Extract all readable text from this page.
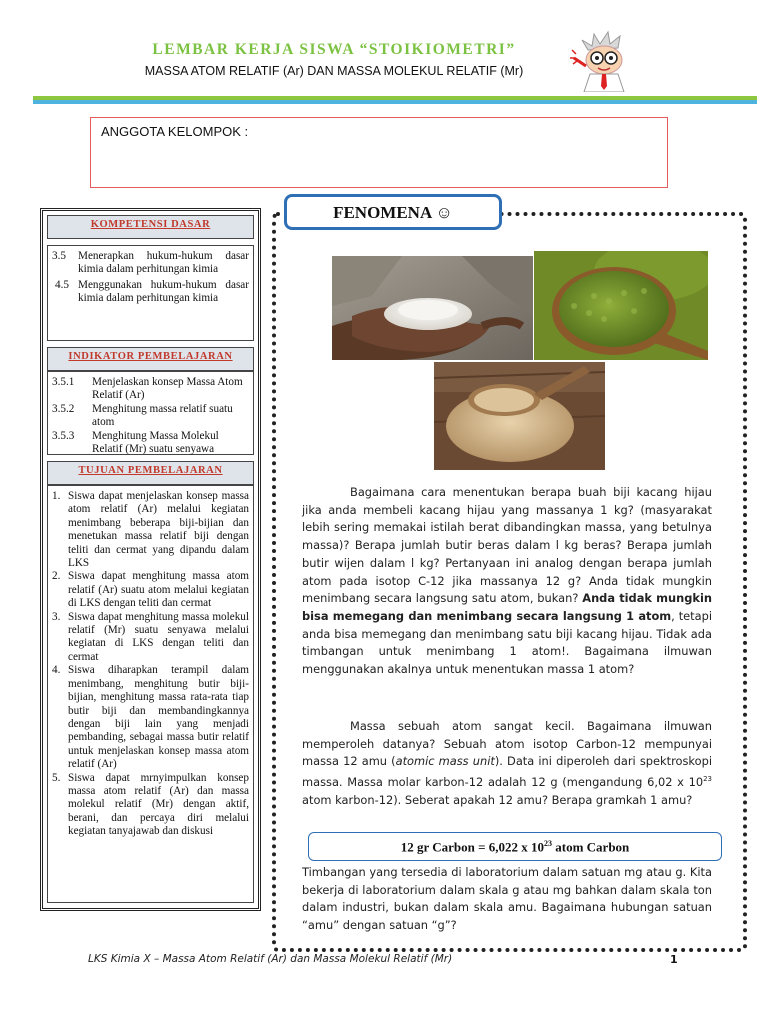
LEMBAR KERJA SISWA “STOIKIOMETRI”
MASSA ATOM RELATIF (Ar) DAN MASSA MOLEKUL RELATIF (Mr)
ANGGOTA KELOMPOK :
KOMPETENSI DASAR
3.5	Menerapkan hukum-hukum dasar kimia dalam perhitungan kimia
4.5 Menggunakan hukum-hukum dasar kimia dalam perhitungan kimia
INDIKATOR PEMBELAJARAN
3.5.1	Menjelaskan konsep Massa Atom Relatif (Ar)
3.5.2	Menghitung massa relatif suatu atom
3.5.3	Menghitung Massa Molekul Relatif (Mr) suatu senyawa
TUJUAN PEMBELAJARAN
1. Siswa dapat menjelaskan konsep massa atom relatif (Ar) melalui kegiatan menimbang beberapa biji-bijian dan menetukan massa relatif biji dengan teliti dan cermat yang dipandu dalam LKS
2. Siswa dapat menghitung massa atom relatif (Ar) suatu atom melalui kegiatan di LKS dengan teliti dan cermat
3. Siswa dapat menghitung massa molekul relatif (Mr) suatu senyawa melalui kegiatan di LKS dengan teliti dan cermat
4. Siswa diharapkan terampil dalam menimbang, menghitung butir biji-bijian, menghitung massa rata-rata tiap butir biji dan membandingkannya dengan biji lain yang menjadi pembanding, sebagai massa butir relatif untuk menjelaskan konsep massa atom relatif (Ar)
5. Siswa dapat mrnyimpulkan konsep massa atom relatif (Ar) dan massa molekul relatif (Mr) dengan aktif, berani, dan percaya diri melalui kegiatan tanyajawab dan diskusi
FENOMENA ☺

Bagaimana cara menentukan berapa buah biji kacang hijau jika anda membeli kacang hijau yang massanya 1 kg? (masyarakat lebih sering memakai istilah berat dibandingkan massa, yang betulnya massa)? Berapa jumlah butir beras dalam l kg beras? Berapa jumlah butir wijen dalam l kg? Pertanyaan ini analog dengan berapa jumlah atom pada isotop C-12 jika massanya 12 g? Anda tidak mungkin menimbang secara langsung satu atom, bukan? Anda tidak mungkin bisa memegang dan menimbang secara langsung 1 atom, tetapi anda bisa memegang dan menimbang satu biji kacang hijau. Tidak ada timbangan untuk menimbang 1 atom!. Bagaimana ilmuwan menggunakan akalnya untuk menentukan massa 1 atom?

Massa sebuah atom sangat kecil. Bagaimana ilmuwan memperoleh datanya? Sebuah atom isotop Carbon-12 mempunyai massa 12 amu (atomic mass unit). Data ini diperoleh dari spektroskopi massa. Massa molar karbon-12 adalah 12 g (mengandung 6,02 x $10^{23}$ atom karbon-12). Seberat apakah 12 amu? Berapa gramkah 1 amu?

12 gr Carbon = 6,022 x $10^{23}$ atom Carbon
Timbangan yang tersedia di laboratorium dalam satuan mg atau g. Kita bekerja di laboratorium dalam skala g atau mg bahkan dalam skala ton dalam industri, bukan dalam skala amu. Bagaimana hubungan satuan “amu” dengan satuan “g”?
LKS Kimia X – Massa Atom Relatif (Ar) dan Massa Molekul Relatif (Mr)	1
